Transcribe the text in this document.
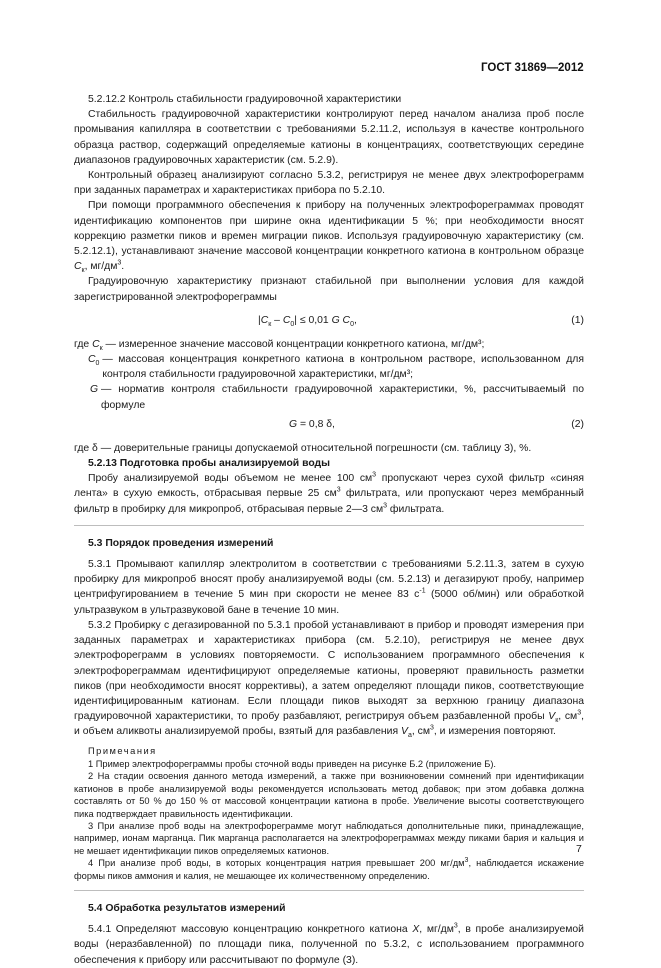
ГОСТ 31869—2012

5.2.12.2 Контроль стабильности градуировочной характеристики

Стабильность градуировочной характеристики контролируют перед началом анализа проб после промывания капилляра в соответствии с требованиями 5.2.11.2, используя в качестве контрольного образца раствор, содержащий определяемые катионы в концентрациях, соответствующих середине диапазонов градуировочных характеристик (см. 5.2.9).

Контрольный образец анализируют согласно 5.3.2, регистрируя не менее двух электрофореграмм при заданных параметрах и характеристиках прибора по 5.2.10.

При помощи программного обеспечения к прибору на полученных электрофореграммах проводят идентификацию компонентов при ширине окна идентификации 5 %; при необходимости вносят коррекцию разметки пиков и времен миграции пиков. Используя градуировочную характеристику (см. 5.2.12.1), устанавливают значение массовой концентрации конкретного катиона в контрольном образце $C_к$, $мг/дм^3$.

Градуировочную характеристику признают стабильной при выполнении условия для каждой зарегистрированной электрофореграммы

$|C_к - C_0| \le 0,01$ G $C_0$,	(1)
где $C_к$ — измеренное значение массовой концентрации конкретного катиона, мг/дм³;
$C_0$ — массовая концентрация конкретного катиона в контрольном растворе, использованном для контроля стабильности градуировочной характеристики, мг/дм³;
G — норматив контроля стабильности градуировочной характеристики, %, рассчитываемый по формуле
G = 0,8 δ,	(2)

где δ — доверительные границы допускаемой относительной погрешности (см. таблицу 3), %.

5.2.13 Подготовка пробы анализируемой воды

Пробу анализируемой воды объемом не менее 100 $см^3$ пропускают через сухой фильтр «синяя лента» в сухую емкость, отбрасывая первые 25 $см^3$ фильтрата, или пропускают через мембранный фильтр в пробирку для микропроб, отбрасывая первые 2—3 $см^3$ фильтрата.

5.3 Порядок проведения измерений

5.3.1 Промывают капилляр электролитом в соответствии с требованиями 5.2.11.3, затем в сухую пробирку для микропроб вносят пробу анализируемой воды (см. 5.2.13) и дегазируют пробу, например центрифугированием в течение 5 мин при скорости не менее 83 $с^{-1}$ (5000 об/мин) или обработкой ультразвуком в ультразвуковой бане в течение 10 мин.

5.3.2 Пробирку с дегазированной по 5.3.1 пробой устанавливают в прибор и проводят измерения при заданных параметрах и характеристиках прибора (см. 5.2.10), регистрируя не менее двух электрофореграмм в условиях повторяемости. С использованием программного обеспечения к электрофореграммам идентифицируют определяемые катионы, проверяют правильность разметки пиков (при необходимости вносят коррективы), а затем определяют площади пиков, соответствующие идентифицированным катионам. Если площади пиков выходят за верхнюю границу диапазона градуировочной характеристики, то пробу разбавляют, регистрируя объем разбавленной пробы $V_к$, $см^3$, и объем аликвоты анализируемой пробы, взятый для разбавления $V_a$, $см^3$, и измерения повторяют.

Примечания

1 Пример электрофореграммы пробы сточной воды приведен на рисунке Б.2 (приложение Б).

2 На стадии освоения данного метода измерений, а также при возникновении сомнений при идентификации катионов в пробе анализируемой воды рекомендуется использовать метод добавок; при этом добавка должна составлять от 50 % до 150 % от массовой концентрации катиона в пробе. Увеличение высоты соответствующего пика подтверждает правильность идентификации.

3 При анализе проб воды на электрофореграмме могут наблюдаться дополнительные пики, принадлежащие, например, ионам марганца. Пик марганца располагается на электрофореграммах между пиками бария и кальция и не мешает идентификации пиков определяемых катионов.

4 При анализе проб воды, в которых концентрация натрия превышает 200 $мг/дм^3$, наблюдается искажение формы пиков аммония и калия, не мешающее их количественному определению.

5.4 Обработка результатов измерений

5.4.1 Определяют массовую концентрацию конкретного катиона X, $мг/дм^3$, в пробе анализируемой воды (неразбавленной) по площади пика, полученной по 5.3.2, с использованием программного обеспечения к прибору или рассчитывают по формуле (3).

7
